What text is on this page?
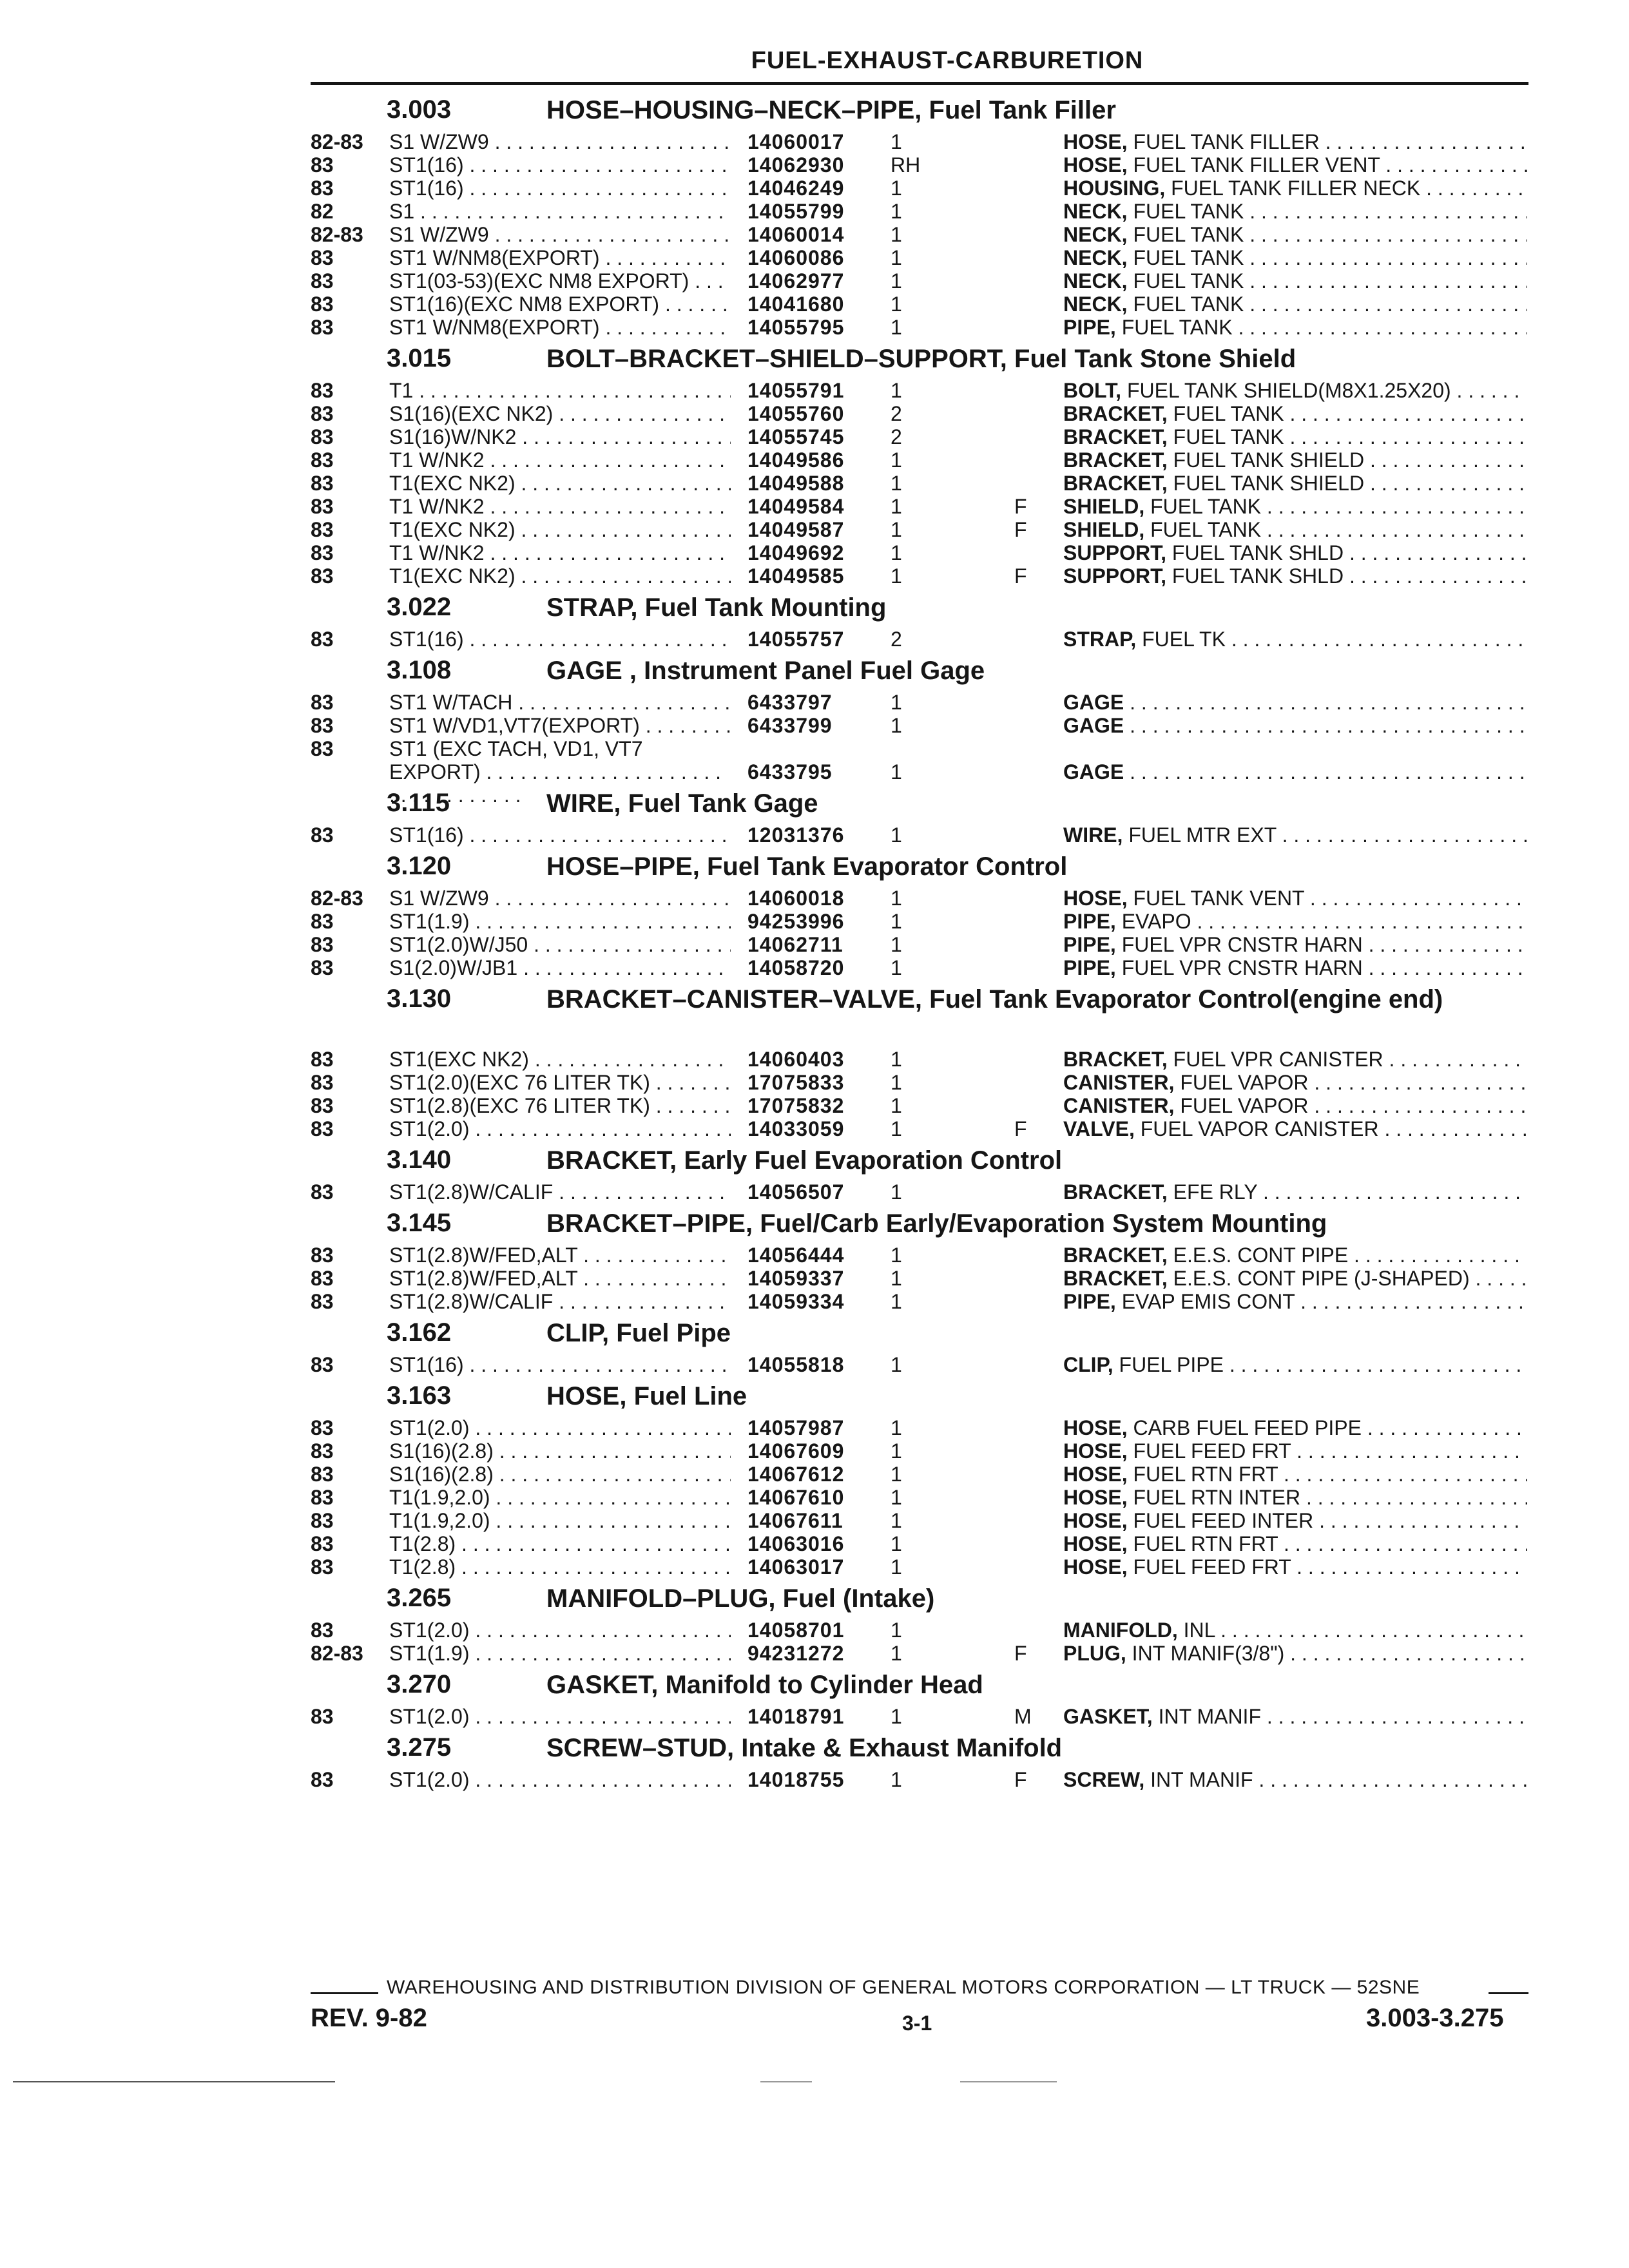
FUEL-EXHAUST-CARBURETION
3.003	HOSE–HOUSING–NECK–PIPE, Fuel Tank Filler
82-83 S1 W/ZW9 . . .	14060017 1	HOSE, FUEL TANK FILLER . . .
83	ST1(16) . . .	14062930 RH	HOSE, FUEL TANK FILLER VENT . . .
83	ST1(16) . . .	14046249 1	HOUSING, FUEL TANK FILLER NECK . . .
82	S1 . . .	14055799 1	NECK, FUEL TANK . . .
82-83 S1 W/ZW9 . . .	14060014 1	NECK, FUEL TANK . . .
83	ST1 W/NM8(EXPORT) . . .	14060086 1	NECK, FUEL TANK . . .
83	ST1(03-53)(EXC NM8 EXPORT) . . .	14062977 1	NECK, FUEL TANK . . .
83	ST1(16)(EXC NM8 EXPORT) . . .	14041680 1	NECK, FUEL TANK . . .
83	ST1 W/NM8(EXPORT) . . .	14055795 1	PIPE, FUEL TANK . . .
3.015	BOLT–BRACKET–SHIELD–SUPPORT, Fuel Tank Stone Shield
83	T1 . . .	14055791 1	BOLT, FUEL TANK SHIELD(M8X1.25X20) . . .
83	S1(16)(EXC NK2) . . .	14055760 2	BRACKET, FUEL TANK . . .
83	S1(16)W/NK2 . . .	14055745 2	BRACKET, FUEL TANK . . .
83	T1 W/NK2 . . .	14049586 1	BRACKET, FUEL TANK SHIELD . . .
83	T1(EXC NK2) . . .	14049588 1	BRACKET, FUEL TANK SHIELD . . .
83	T1 W/NK2 . . .	14049584 1	F SHIELD, FUEL TANK . . .
83	T1(EXC NK2) . . .	14049587 1	F SHIELD, FUEL TANK . . .
83	T1 W/NK2 . . .	14049692 1	SUPPORT, FUEL TANK SHLD . . .
83	T1(EXC NK2) . . .	14049585 1	F SUPPORT, FUEL TANK SHLD . . .
3.022	STRAP, Fuel Tank Mounting
83	ST1(16) . . .	14055757 2	STRAP, FUEL TK . . .
3.108	GAGE , Instrument Panel Fuel Gage
83	ST1 W/TACH . . .	6433797	1	GAGE . . .
83	ST1 W/VD1,VT7(EXPORT) . . .	6433799	1	GAGE . . .
83	ST1 (EXC TACH, VD1, VT7 EXPORT) . . .	6433795	1	GAGE . . .
3.115	WIRE, Fuel Tank Gage
83	ST1(16) . . .	12031376 1	WIRE, FUEL MTR EXT . . .
3.120	HOSE–PIPE, Fuel Tank Evaporator Control
82-83 S1 W/ZW9 . . .	14060018 1	HOSE, FUEL TANK VENT . . .
83	ST1(1.9) . . .	94253996 1	PIPE, EVAPO . . .
83	ST1(2.0)W/J50 . . .	14062711 1	PIPE, FUEL VPR CNSTR HARN . . .
83	S1(2.0)W/JB1 . . .	14058720 1	PIPE, FUEL VPR CNSTR HARN . . .
3.130	BRACKET–CANISTER–VALVE, Fuel Tank Evaporator Control(engine end)
83	ST1(EXC NK2) . . .	14060403 1	BRACKET, FUEL VPR CANISTER . . .
83	ST1(2.0)(EXC 76 LITER TK) . . .	17075833 1	CANISTER, FUEL VAPOR . . .
83	ST1(2.8)(EXC 76 LITER TK) . . .	17075832 1	CANISTER, FUEL VAPOR . . .
83	ST1(2.0) . . .	14033059 1	F VALVE, FUEL VAPOR CANISTER . . .
3.140	BRACKET, Early Fuel Evaporation Control
83	ST1(2.8)W/CALIF . . .	14056507 1	BRACKET, EFE RLY . . .
3.145	BRACKET–PIPE, Fuel/Carb Early/Evaporation System Mounting
83	ST1(2.8)W/FED,ALT . . .	14056444 1	BRACKET, E.E.S. CONT PIPE . . .
83	ST1(2.8)W/FED,ALT . . .	14059337 1	BRACKET, E.E.S. CONT PIPE (J-SHAPED) . . .
83	ST1(2.8)W/CALIF . . .	14059334 1	PIPE, EVAP EMIS CONT . . .
3.162	CLIP, Fuel Pipe
83	ST1(16) . . .	14055818 1	CLIP, FUEL PIPE . . .
3.163	HOSE, Fuel Line
83	ST1(2.0) . . .	14057987 1	HOSE, CARB FUEL FEED PIPE . . .
83	S1(16)(2.8) . . .	14067609 1	HOSE, FUEL FEED FRT . . .
83	S1(16)(2.8) . . .	14067612 1	HOSE, FUEL RTN FRT . . .
83	T1(1.9,2.0) . . .	14067610 1	HOSE, FUEL RTN INTER . . .
83	T1(1.9,2.0) . . .	14067611 1	HOSE, FUEL FEED INTER . . .
83	T1(2.8) . . .	14063016 1	HOSE, FUEL RTN FRT . . .
83	T1(2.8) . . .	14063017 1	HOSE, FUEL FEED FRT . . .
3.265	MANIFOLD–PLUG, Fuel (Intake)
83	ST1(2.0) . . .	14058701 1	MANIFOLD, INL . . .
82-83 ST1(1.9) . . .	94231272 1	F PLUG, INT MANIF(3/8") . . .
3.270	GASKET, Manifold to Cylinder Head
83	ST1(2.0) . . .	14018791 1	M GASKET, INT MANIF . . .
3.275	SCREW–STUD, Intake & Exhaust Manifold
83	ST1(2.0) . . .	14018755 1	F SCREW, INT MANIF . . .
WAREHOUSING AND DISTRIBUTION DIVISION OF GENERAL MOTORS CORPORATION — LT TRUCK — 52SNE
REV. 9-82	3-1	3.003-3.275
